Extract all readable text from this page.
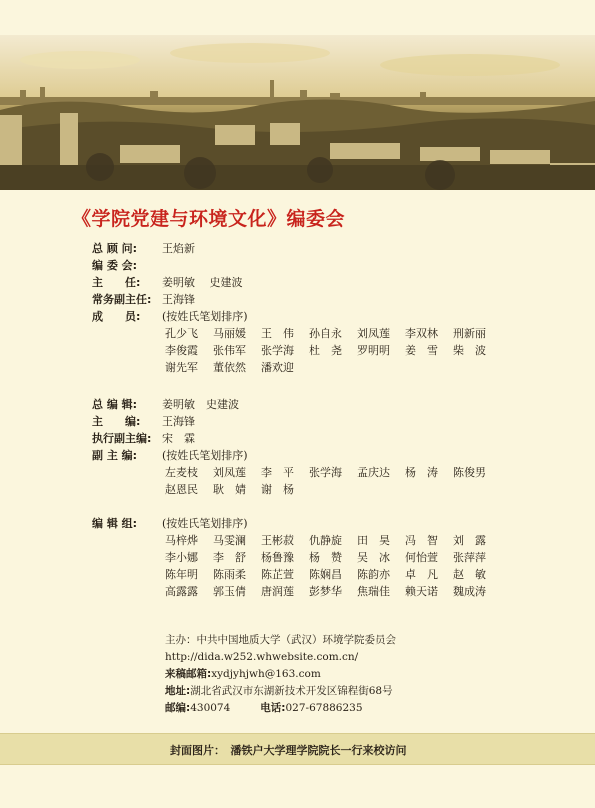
《学院党建与环境文化》编委会
总 顾 问:	王焰新
编 委 会:
主　　任:	姜明敏　 史建波
常务副主任: 王海锋
成　　员:	(按姓氏笔划排序)
孔少飞	马丽媛	王　伟	孙自永	刘凤莲	李双林	刑新丽
李俊霞	张伟军	张学海	杜　尧	罗明明	姜　雪	柴　波
谢先军	董依然	潘欢迎
总 编 辑:	姜明敏　史建波
主　　编:	王海锋
执行副主编: 宋　霖
副 主 编:	(按姓氏笔划排序)
左麦枝	刘凤莲	李　平	张学海	孟庆达	杨　涛	陈俊男
赵恩民	耿　婧	谢　杨
编 辑 组:	(按姓氏笔划排序)
马梓烨	马雯澜	王彬菽	仇静旋	田　昊	冯　智	刘　露
李小娜	李　舒	杨鲁豫	杨　赞	吴　冰	何怡萱	张萍萍
陈年明	陈雨柔	陈芷萱	陈娴昌	陈韵亦	卓　凡	赵　敏
高露露	郭玉倩	唐润莲	彭梦华	焦瑞佳	赖天诺	魏成涛
主办：中共中国地质大学（武汉）环境学院委员会
http://dida.w252.whwebsite.com.cn/
来稿邮箱:xydjyhjwh@163.com
地址:湖北省武汉市东湖新技术开发区锦程街68号
邮编:430074	电话:027-67886235
封面图片：　潘铁户大学理学院院长一行来校访问
